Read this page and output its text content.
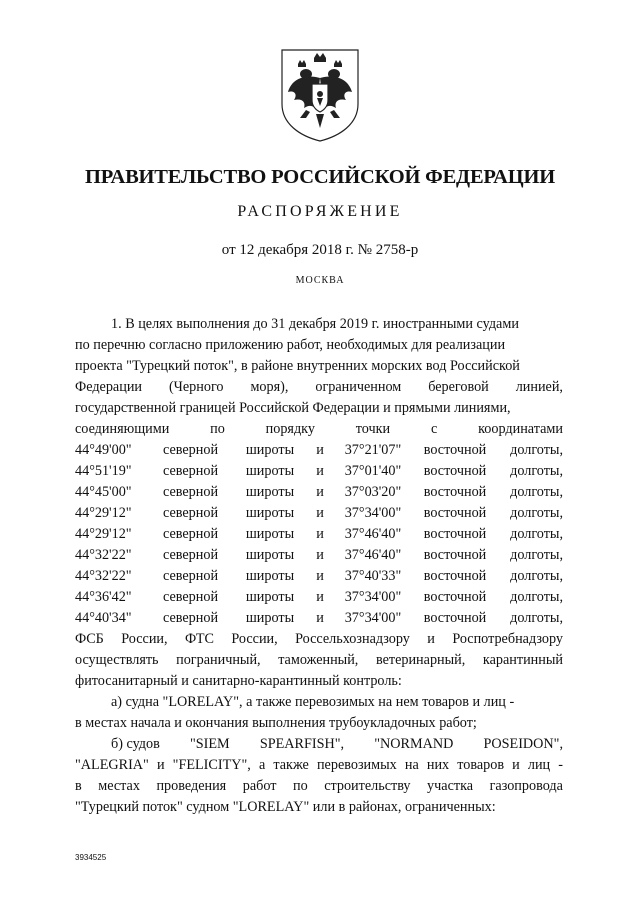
ПРАВИТЕЛЬСТВО РОССИЙСКОЙ ФЕДЕРАЦИИ
РАСПОРЯЖЕНИЕ
от 12 декабря 2018 г. № 2758-р
МОСКВА
1. В целях выполнения до 31 декабря 2019 г. иностранными судами
по перечню согласно приложению работ, необходимых для реализации
проекта "Турецкий поток", в районе внутренних морских вод Российской
Федерации (Черного моря), ограниченном береговой линией,
государственной границей Российской Федерации и прямыми линиями,
соединяющими	по	порядку	точки	с	координатами
44°49'00"	северной	широты	и	37°21'07"	восточной	долготы,
44°51'19"	северной	широты	и	37°01'40"	восточной	долготы,
44°45'00"	северной	широты	и	37°03'20"	восточной	долготы,
44°29'12"	северной	широты	и	37°34'00"	восточной	долготы,
44°29'12"	северной	широты	и	37°46'40"	восточной	долготы,
44°32'22"	северной	широты	и	37°46'40"	восточной	долготы,
44°32'22"	северной	широты	и	37°40'33"	восточной	долготы,
44°36'42"	северной	широты	и	37°34'00"	восточной	долготы,
44°40'34"	северной	широты	и	37°34'00"	восточной	долготы,
ФСБ России, ФТС России, Россельхознадзору и Роспотребнадзору
осуществлять пограничный, таможенный, ветеринарный, карантинный
фитосанитарный и санитарно-карантинный контроль:
а) судна "LORELAY", а также перевозимых на нем товаров и лиц -
в местах начала и окончания выполнения трубоукладочных работ;
б) судов "SIEM SPEARFISH", "NORMAND POSEIDON",
"ALEGRIA" и "FELICITY", а также перевозимых на них товаров и лиц -
в местах проведения работ по строительству участка газопровода
"Турецкий поток" судном "LORELAY" или в районах, ограниченных:
3934525
